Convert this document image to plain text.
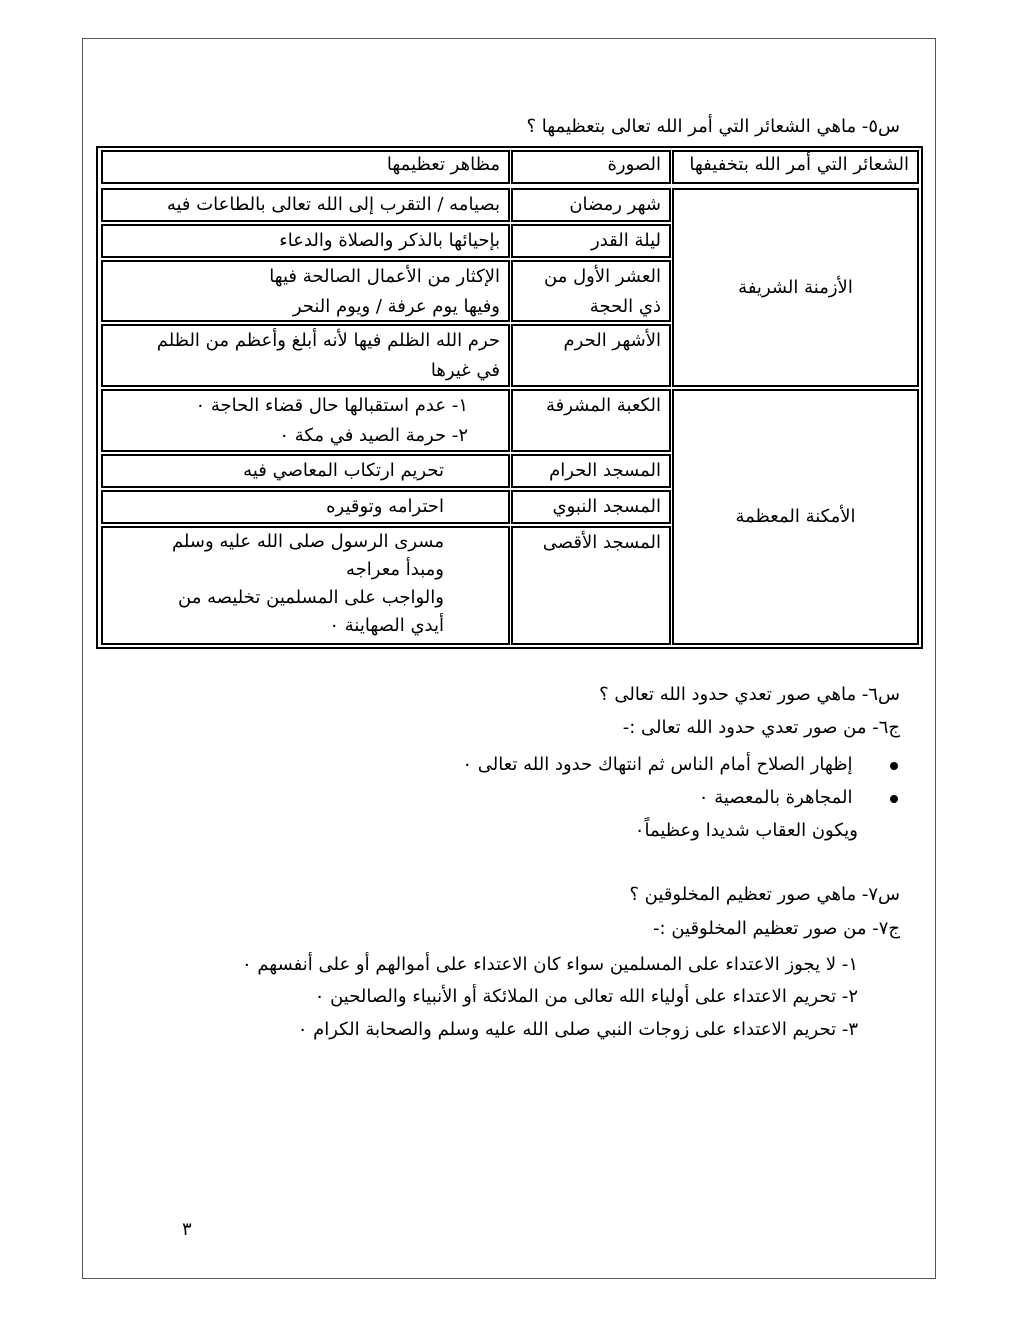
س٥- ماهي الشعائر التي أمر الله تعالى بتعظيمها ؟
الشعائر التي أمر الله بتخفيفها
الصورة
مظاهر تعظيمها
الأزمنة الشريفة
شهر رمضان
بصيامه / التقرب إلى الله تعالى بالطاعات فيه
ليلة القدر
بإحيائها بالذكر والصلاة والدعاء
العشر الأول من
ذي الحجة
الإكثار من الأعمال الصالحة فيها
وفيها يوم عرفة / ويوم النحر
الأشهر الحرم
حرم الله الظلم فيها لأنه أبلغ وأعظم من الظلم
في غيرها
الأمكنة المعظمة
الكعبة المشرفة
١- عدم استقبالها حال قضاء الحاجة ٠
٢- حرمة الصيد في مكة ٠
المسجد الحرام
تحريم ارتكاب المعاصي فيه
المسجد النبوي
احترامه وتوقيره
المسجد الأقصى
مسرى الرسول صلى الله عليه وسلم
ومبدأ معراجه
والواجب على المسلمين تخليصه من
أيدي الصهاينة ٠
س٦- ماهي صور تعدي حدود الله تعالى ؟
ج٦- من صور تعدي حدود الله تعالى :-
إظهار الصلاح أمام الناس ثم انتهاك حدود الله تعالى ٠
المجاهرة بالمعصية ٠
ويكون العقاب شديدا وعظيماً٠
س٧- ماهي صور تعظيم المخلوقين ؟
ج٧- من صور تعظيم المخلوقين :-
١- لا يجوز الاعتداء على المسلمين سواء كان الاعتداء على أموالهم أو على أنفسهم ٠
٢- تحريم الاعتداء على أولياء الله تعالى من الملائكة أو الأنبياء والصالحين ٠
٣- تحريم الاعتداء على زوجات النبي صلى الله عليه وسلم والصحابة الكرام ٠
٣
